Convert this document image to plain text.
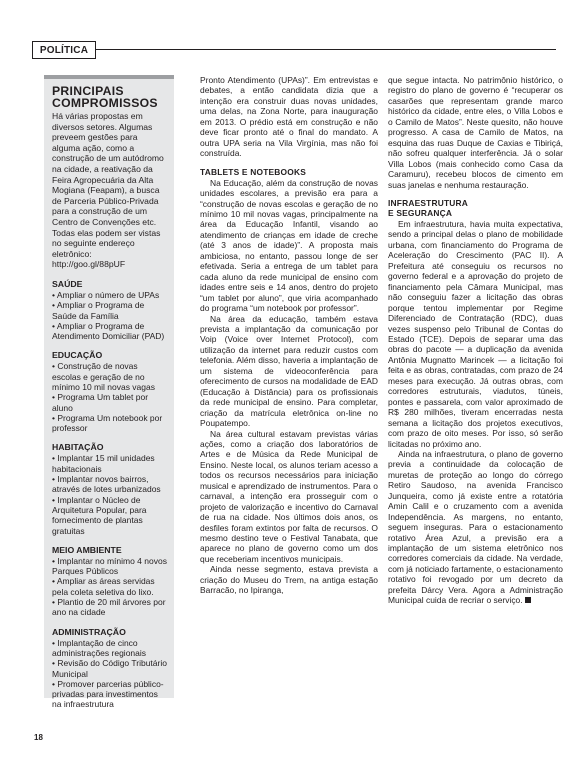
POLÍTICA
PRINCIPAIS
COMPROMISSOS
Há várias propostas em diversos setores. Algumas preveem gestões para alguma ação, como a construção de um autódromo na cidade, a reativação da Feira Agropecuária da Alta Mogiana (Feapam), a busca de Parceria Público-Privada para a construção de um Centro de Convenções etc. Todas elas podem ser vistas no seguinte endereço eletrônico: http://goo.gl/88pUF
SAÚDE
• Ampliar o número de UPAs
• Ampliar o Programa de Saúde da Família
• Ampliar o Programa de Atendimento Domiciliar (PAD)
EDUCAÇÃO
• Construção de novas escolas e geração de no mínimo 10 mil novas vagas
• Programa Um tablet por aluno
• Programa Um notebook por professor
HABITAÇÃO
• Implantar 15 mil unidades habitacionais
• Implantar novos bairros, através de lotes urbanizados
• Implantar o Núcleo de Arquitetura Popular, para fornecimento de plantas gratuitas
MEIO AMBIENTE
• Implantar no mínimo 4 novos Parques Públicos
• Ampliar as áreas servidas pela coleta seletiva do lixo.
• Plantio de 20 mil árvores por ano na cidade
ADMINISTRAÇÃO
• Implantação de cinco administrações regionais
• Revisão do Código Tributário Municipal
• Promover parcerias público-privadas para investimentos na infraestrutura

Pronto Atendimento (UPAs)”. Em entrevistas e debates, a então candidata dizia que a intenção era construir duas novas unidades, uma delas, na Zona Norte, para inauguração em 2013. O prédio está em construção e não deve ficar pronto até o final do mandato. A outra UPA seria na Vila Virgínia, mas não foi construída.

TABLETS E NOTEBOOKS

Na Educação, além da construção de novas unidades escolares, a previsão era para a “construção de novas escolas e geração de no mínimo 10 mil novas vagas, principalmente na área da Educação Infantil, visando ao atendimento de crianças em idade de creche (até 3 anos de idade)”. A proposta mais ambiciosa, no entanto, passou longe de ser efetivada. Seria a entrega de um tablet para cada aluno da rede municipal de ensino com idades entre seis e 14 anos, dentro do projeto “um tablet por aluno”, que viria acompanhado do programa “um notebook por professor”.

Na área da educação, também estava prevista a implantação da comunicação por Voip (Voice over Internet Protocol), com utilização da internet para reduzir custos com telefonia. Além disso, haveria a implantação de um sistema de videoconferência para oferecimento de cursos na modalidade de EAD (Educação à Distância) para os profissionais da rede municipal de ensino. Para completar, criação da matrícula eletrônica on-line no Poupatempo.

Na área cultural estavam previstas várias ações, como a criação dos laboratórios de Artes e de Música da Rede Municipal de Ensino. Neste local, os alunos teriam acesso a todos os recursos necessários para iniciação musical e aprendizado de instrumentos. Para o carnaval, a intenção era prosseguir com o projeto de valorização e incentivo do Carnaval de rua na cidade. Nos últimos dois anos, os desfiles foram extintos por falta de recursos. O mesmo destino teve o Festival Tanabata, que aparece no plano de governo como um dos que receberiam incentivos municipais.

Ainda nesse segmento, estava prevista a criação do Museu do Trem, na antiga estação Barracão, no Ipiranga,

que segue intacta. No patrimônio histórico, o registro do plano de governo é “recuperar os casarões que representam grande marco histórico da cidade, entre eles, o Villa Lobos e o Camilo de Matos”. Neste quesito, não houve progresso. A casa de Camilo de Matos, na esquina das ruas Duque de Caxias e Tibiriçá, não sofreu qualquer interferência. Já o solar Villa Lobos (mais conhecido como Casa da Caramuru), recebeu blocos de cimento em suas janelas e nenhuma restauração.

INFRAESTRUTURA
E SEGURANÇA

Em infraestrutura, havia muita expectativa, sendo a principal delas o plano de mobilidade urbana, com financiamento do Programa de Aceleração do Crescimento (PAC II). A Prefeitura até conseguiu os recursos no governo federal e a aprovação do projeto de financiamento pela Câmara Municipal, mas não conseguiu fazer a licitação das obras porque tentou implementar por Regime Diferenciado de Contratação (RDC), duas vezes suspenso pelo Tribunal de Contas do Estado (TCE). Depois de separar uma das obras do pacote — a duplicação da avenida Antônia Mugnatto Marincek — a licitação foi feita e as obras, contratadas, com prazo de 24 meses para execução. Já outras obras, com corredores estruturais, viadutos, túneis, pontes e passarela, com valor aproximado de R$ 280 milhões, tiveram encerradas nesta semana a licitação dos projetos executivos, com prazo de oito meses. Por isso, só serão licitadas no próximo ano.

Ainda na infraestrutura, o plano de governo previa a continuidade da colocação de muretas de proteção ao longo do córrego Retiro Saudoso, na avenida Francisco Junqueira, como já existe entre a rotatória Amin Calil e o cruzamento com a avenida Independência. As margens, no entanto, seguem inseguras. Para o estacionamento rotativo Área Azul, a previsão era a implantação de um sistema eletrônico nos corredores comerciais da cidade. Na verdade, com já noticiado fartamente, o estacionamento rotativo foi revogado por um decreto da prefeita Dárcy Vera. Agora a Administração Municipal cuida de recriar o serviço.

18
